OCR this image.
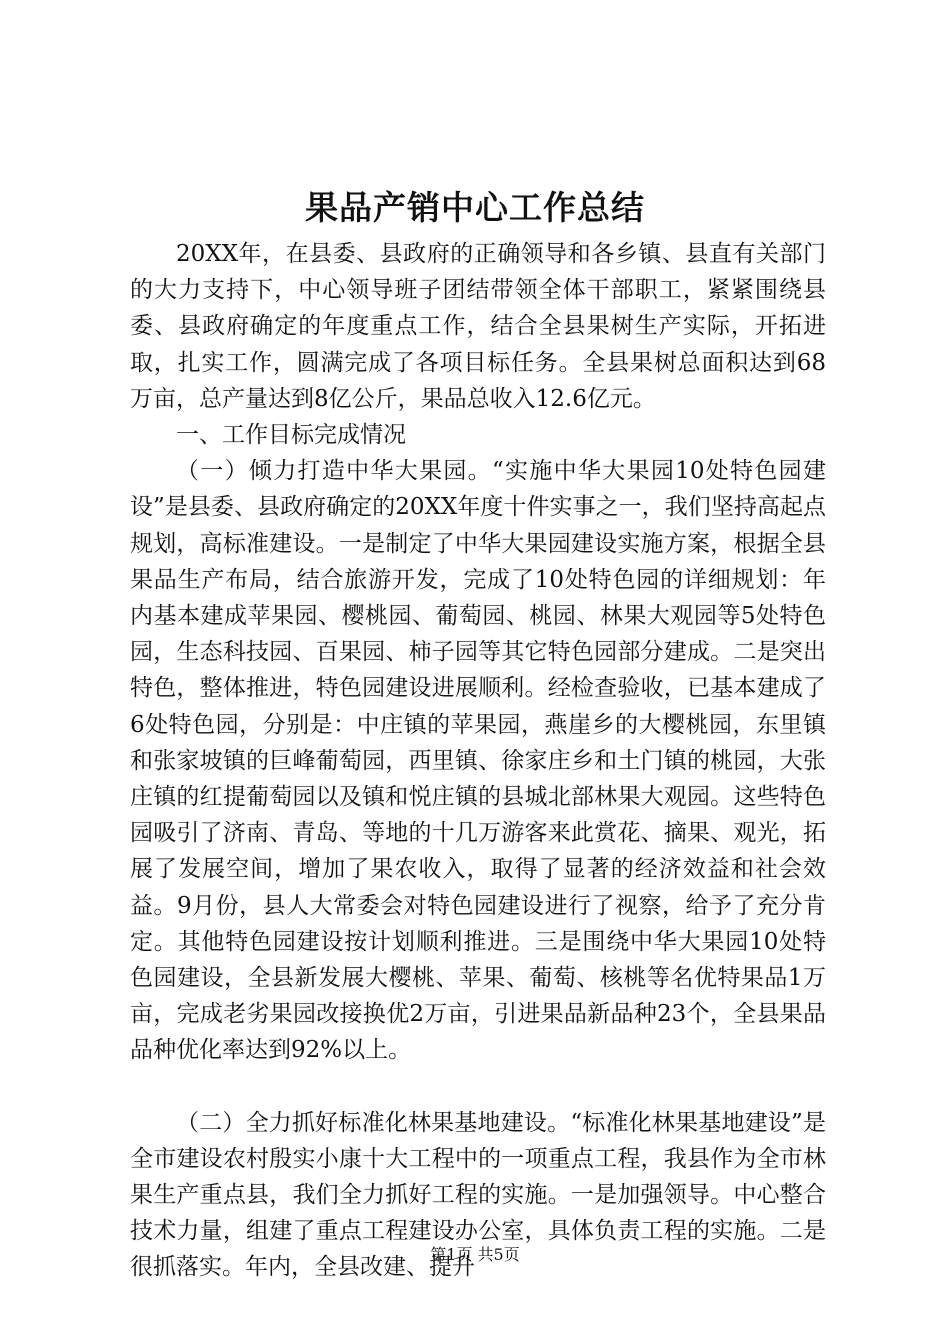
果品产销中心工作总结

20XX年，在县委、县政府的正确领导和各乡镇、县直有关部门的大力支持下，中心领导班子团结带领全体干部职工，紧紧围绕县委、县政府确定的年度重点工作，结合全县果树生产实际，开拓进取，扎实工作，圆满完成了各项目标任务。全县果树总面积达到68万亩，总产量达到8亿公斤，果品总收入12.6亿元。

一、工作目标完成情况

（一）倾力打造中华大果园。“实施中华大果园10处特色园建设”是县委、县政府确定的20XX年度十件实事之一，我们坚持高起点规划，高标准建设。一是制定了中华大果园建设实施方案，根据全县果品生产布局，结合旅游开发，完成了10处特色园的详细规划：年内基本建成苹果园、樱桃园、葡萄园、桃园、林果大观园等5处特色园，生态科技园、百果园、柿子园等其它特色园部分建成。二是突出特色，整体推进，特色园建设进展顺利。经检查验收，已基本建成了6处特色园，分别是：中庄镇的苹果园，燕崖乡的大樱桃园，东里镇和张家坡镇的巨峰葡萄园，西里镇、徐家庄乡和土门镇的桃园，大张庄镇的红提葡萄园以及镇和悦庄镇的县城北部林果大观园。这些特色园吸引了济南、青岛、等地的十几万游客来此赏花、摘果、观光，拓展了发展空间，增加了果农收入，取得了显著的经济效益和社会效益。9月份，县人大常委会对特色园建设进行了视察，给予了充分肯定。其他特色园建设按计划顺利推进。三是围绕中华大果园10处特色园建设，全县新发展大樱桃、苹果、葡萄、核桃等名优特果品1万亩，完成老劣果园改接换优2万亩，引进果品新品种23个，全县果品品种优化率达到92%以上。

（二）全力抓好标准化林果基地建设。“标准化林果基地建设”是全市建设农村殷实小康十大工程中的一项重点工程，我县作为全市林果生产重点县，我们全力抓好工程的实施。一是加强领导。中心整合技术力量，组建了重点工程建设办公室，具体负责工程的实施。二是很抓落实。年内，全县改建、提升

第1页 共5页
